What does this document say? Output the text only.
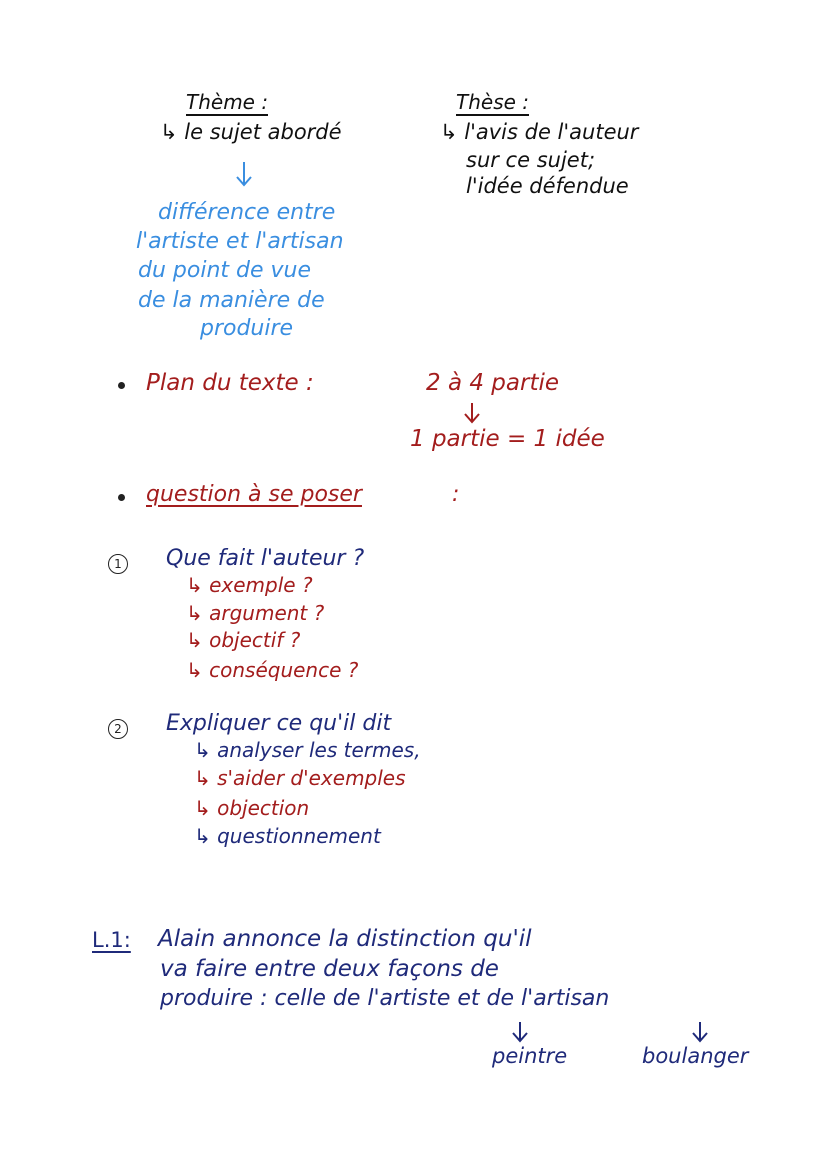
Thème :
↳ le sujet abordé
différence entre
l'artiste et l'artisan
du point de vue
de la manière de
produire
Thèse :
↳ l'avis de l'auteur
sur ce sujet;
l'idée défendue
Plan du texte :	2 à 4 partie
1 partie = 1 idée
question à se poser	:
1 Que fait l'auteur ?
↳ exemple ?
↳ argument ?
↳ objectif ?
↳ conséquence ?
2 Expliquer ce qu'il dit
↳ analyser les termes,
↳ s'aider d'exemples
↳ objection
↳ questionnement
L.1: Alain annonce la distinction qu'il
va faire entre deux façons de
produire : celle de l'artiste et de l'artisan
peintre	boulanger
